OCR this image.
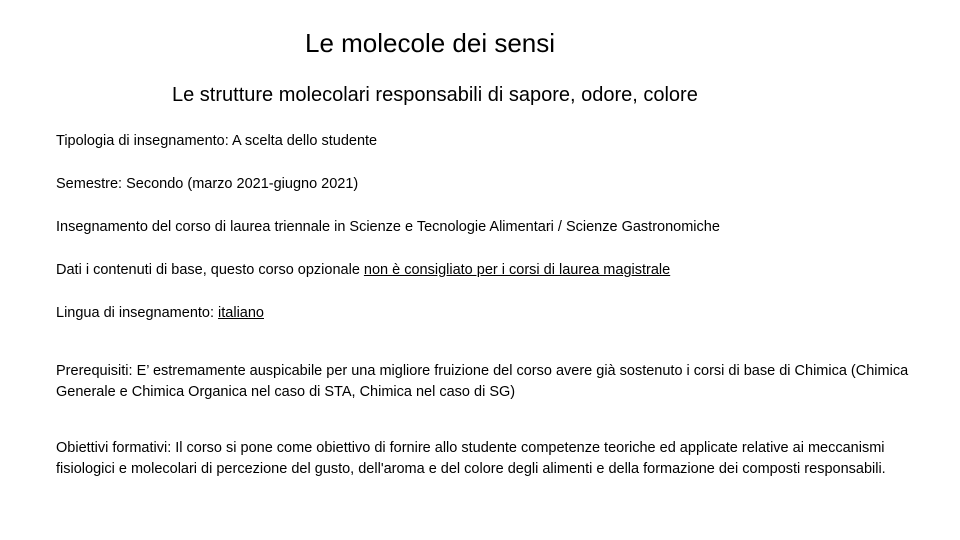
Le molecole dei sensi
Le strutture molecolari responsabili di sapore, odore, colore
Tipologia di insegnamento: A scelta dello studente
Semestre: Secondo (marzo 2021-giugno 2021)
Insegnamento del corso di laurea triennale in Scienze e Tecnologie Alimentari / Scienze Gastronomiche
Dati i contenuti di base, questo corso opzionale non è consigliato per i corsi di laurea magistrale
Lingua di insegnamento: italiano
Prerequisiti: E’ estremamente auspicabile per una migliore fruizione del corso avere già sostenuto i corsi di base di Chimica (Chimica Generale e Chimica Organica nel caso di STA, Chimica nel caso di SG)
Obiettivi formativi: Il corso si pone come obiettivo di fornire allo studente competenze teoriche ed applicate relative ai meccanismi fisiologici e molecolari di percezione del gusto, dell'aroma e del colore degli alimenti e della formazione dei composti responsabili.
